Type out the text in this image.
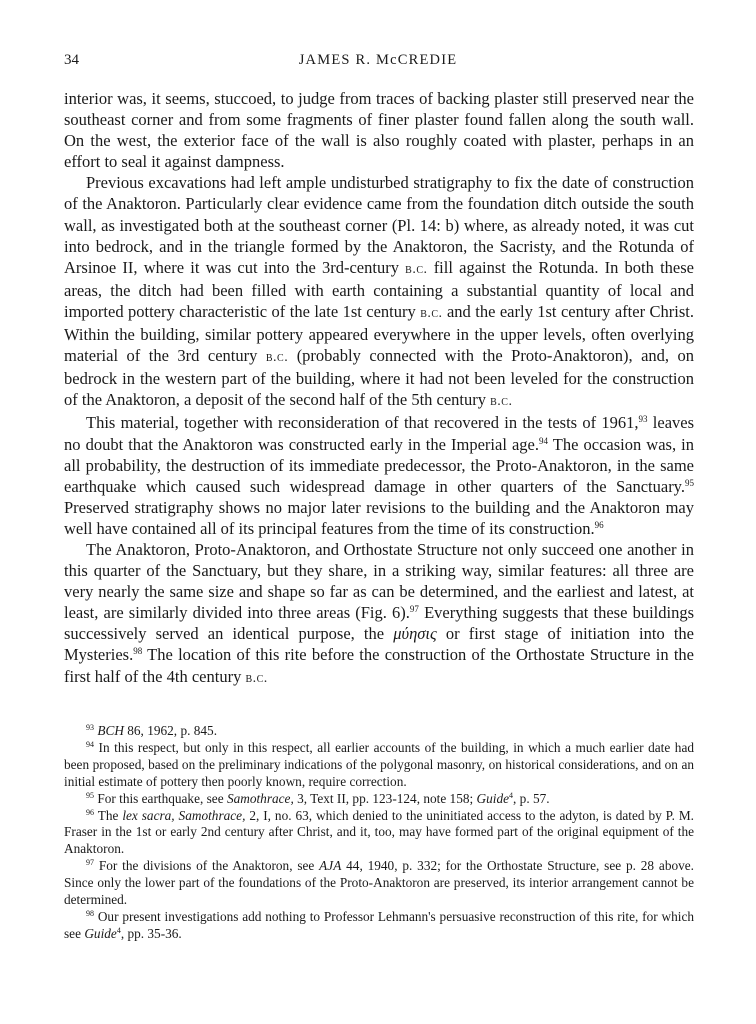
34	JAMES R. McCREDIE

interior was, it seems, stuccoed, to judge from traces of backing plaster still preserved near the southeast corner and from some fragments of finer plaster found fallen along the south wall. On the west, the exterior face of the wall is also roughly coated with plaster, perhaps in an effort to seal it against dampness.

Previous excavations had left ample undisturbed stratigraphy to fix the date of construction of the Anaktoron. Particularly clear evidence came from the foundation ditch outside the south wall, as investigated both at the southeast corner (Pl. 14: b) where, as already noted, it was cut into bedrock, and in the triangle formed by the Anaktoron, the Sacristy, and the Rotunda of Arsinoe II, where it was cut into the 3rd-century b.c. fill against the Rotunda. In both these areas, the ditch had been filled with earth containing a substantial quantity of local and imported pottery characteristic of the late 1st century b.c. and the early 1st century after Christ. Within the building, similar pottery appeared everywhere in the upper levels, often overlying material of the 3rd century b.c. (probably connected with the Proto-Anaktoron), and, on bedrock in the western part of the building, where it had not been leveled for the construction of the Anaktoron, a deposit of the second half of the 5th century b.c.

This material, together with reconsideration of that recovered in the tests of 1961,93 leaves no doubt that the Anaktoron was constructed early in the Imperial age.$^{94}$ The occasion was, in all probability, the destruction of its immediate predecessor, the Proto-Anaktoron, in the same earthquake which caused such widespread damage in other quarters of the Sanctuary.$^{95}$ Preserved stratigraphy shows no major later revisions to the building and the Anaktoron may well have contained all of its principal features from the time of its construction.$^{96}$

The Anaktoron, Proto-Anaktoron, and Orthostate Structure not only succeed one another in this quarter of the Sanctuary, but they share, in a striking way, similar features: all three are very nearly the same size and shape so far as can be determined, and the earliest and latest, at least, are similarly divided into three areas (Fig. 6).$^{97}$ Everything suggests that these buildings successively served an identical purpose, the μύησις or first stage of initiation into the Mysteries.$^{98}$ The location of this rite before the construction of the Orthostate Structure in the first half of the 4th century b.c.

$^{93}$ BCH 86, 1962, p. 845.

$^{94}$ In this respect, but only in this respect, all earlier accounts of the building, in which a much earlier date had been proposed, based on the preliminary indications of the polygonal masonry, on historical considerations, and on an initial estimate of pottery then poorly known, require correction.

$^{95}$ For this earthquake, see Samothrace, 3, Text II, pp. 123-124, note 158; Guide$^4$, p. 57.

$^{96}$ The lex sacra, Samothrace, 2, I, no. 63, which denied to the uninitiated access to the adyton, is dated by P. M. Fraser in the 1st or early 2nd century after Christ, and it, too, may have formed part of the original equipment of the Anaktoron.

$^{97}$ For the divisions of the Anaktoron, see AJA 44, 1940, p. 332; for the Orthostate Structure, see p. 28 above. Since only the lower part of the foundations of the Proto-Anaktoron are preserved, its interior arrangement cannot be determined.

$^{98}$ Our present investigations add nothing to Professor Lehmann's persuasive reconstruction of this rite, for which see Guide$^4$, pp. 35-36.
